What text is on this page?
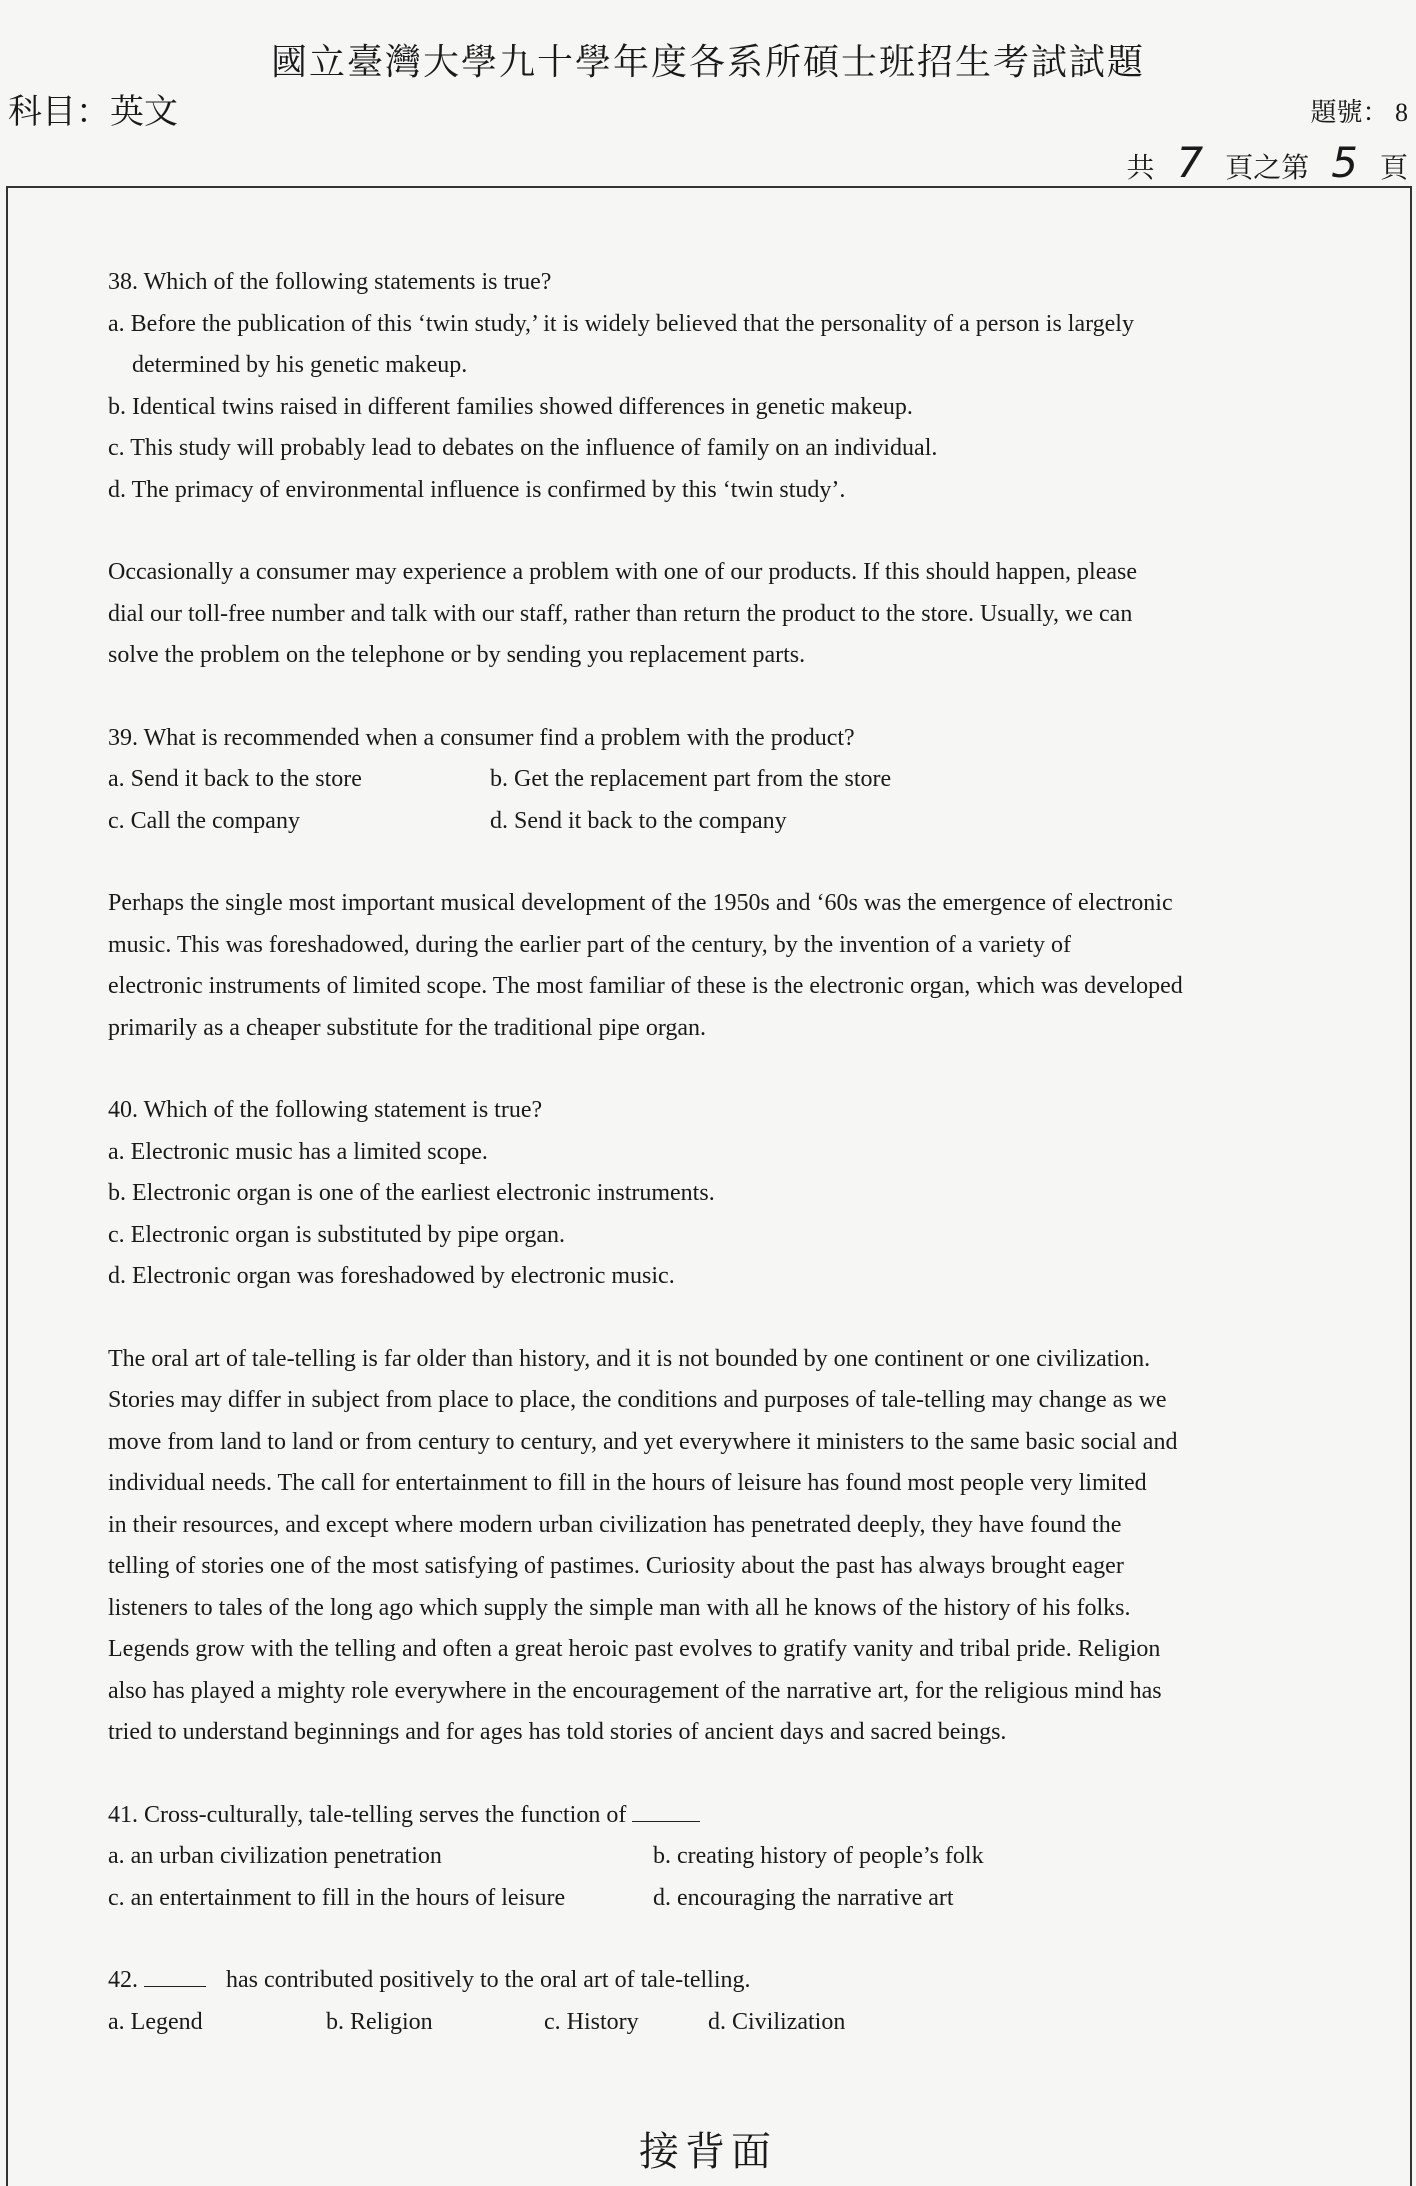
國立臺灣大學九十學年度各系所碩士班招生考試試題
科目：英文	題號： 8
共 7 頁之第 5 頁

38. Which of the following statements is true?

a. Before the publication of this ‘twin study,’ it is widely believed that the personality of a person is largely

determined by his genetic makeup.

b. Identical twins raised in different families showed differences in genetic makeup.

c. This study will probably lead to debates on the influence of family on an individual.

d. The primacy of environmental influence is confirmed by this ‘twin study’.

Occasionally a consumer may experience a problem with one of our products. If this should happen, please

dial our toll-free number and talk with our staff, rather than return the product to the store. Usually, we can

solve the problem on the telephone or by sending you replacement parts.

39. What is recommended when a consumer find a problem with the product?

a. Send it back to the store	b. Get the replacement part from the store
c. Call the company	d. Send it back to the company

Perhaps the single most important musical development of the 1950s and ‘60s was the emergence of electronic

music. This was foreshadowed, during the earlier part of the century, by the invention of a variety of

electronic instruments of limited scope. The most familiar of these is the electronic organ, which was developed

primarily as a cheaper substitute for the traditional pipe organ.

40. Which of the following statement is true?

a. Electronic music has a limited scope.

b. Electronic organ is one of the earliest electronic instruments.

c. Electronic organ is substituted by pipe organ.

d. Electronic organ was foreshadowed by electronic music.

The oral art of tale-telling is far older than history, and it is not bounded by one continent or one civilization.

Stories may differ in subject from place to place, the conditions and purposes of tale-telling may change as we

move from land to land or from century to century, and yet everywhere it ministers to the same basic social and

individual needs. The call for entertainment to fill in the hours of leisure has found most people very limited

in their resources, and except where modern urban civilization has penetrated deeply, they have found the

telling of stories one of the most satisfying of pastimes. Curiosity about the past has always brought eager

listeners to tales of the long ago which supply the simple man with all he knows of the history of his folks.

Legends grow with the telling and often a great heroic past evolves to gratify vanity and tribal pride. Religion

also has played a mighty role everywhere in the encouragement of the narrative art, for the religious mind has

tried to understand beginnings and for ages has told stories of ancient days and sacred beings.

41. Cross-culturally, tale-telling serves the function of

a. an urban civilization penetration	b. creating history of people’s folk
c. an entertainment to fill in the hours of leisure	d. encouraging the narrative art

42.	has contributed positively to the oral art of tale-telling.

a. Legend	b. Religion	c. History	d. Civilization

接背面
